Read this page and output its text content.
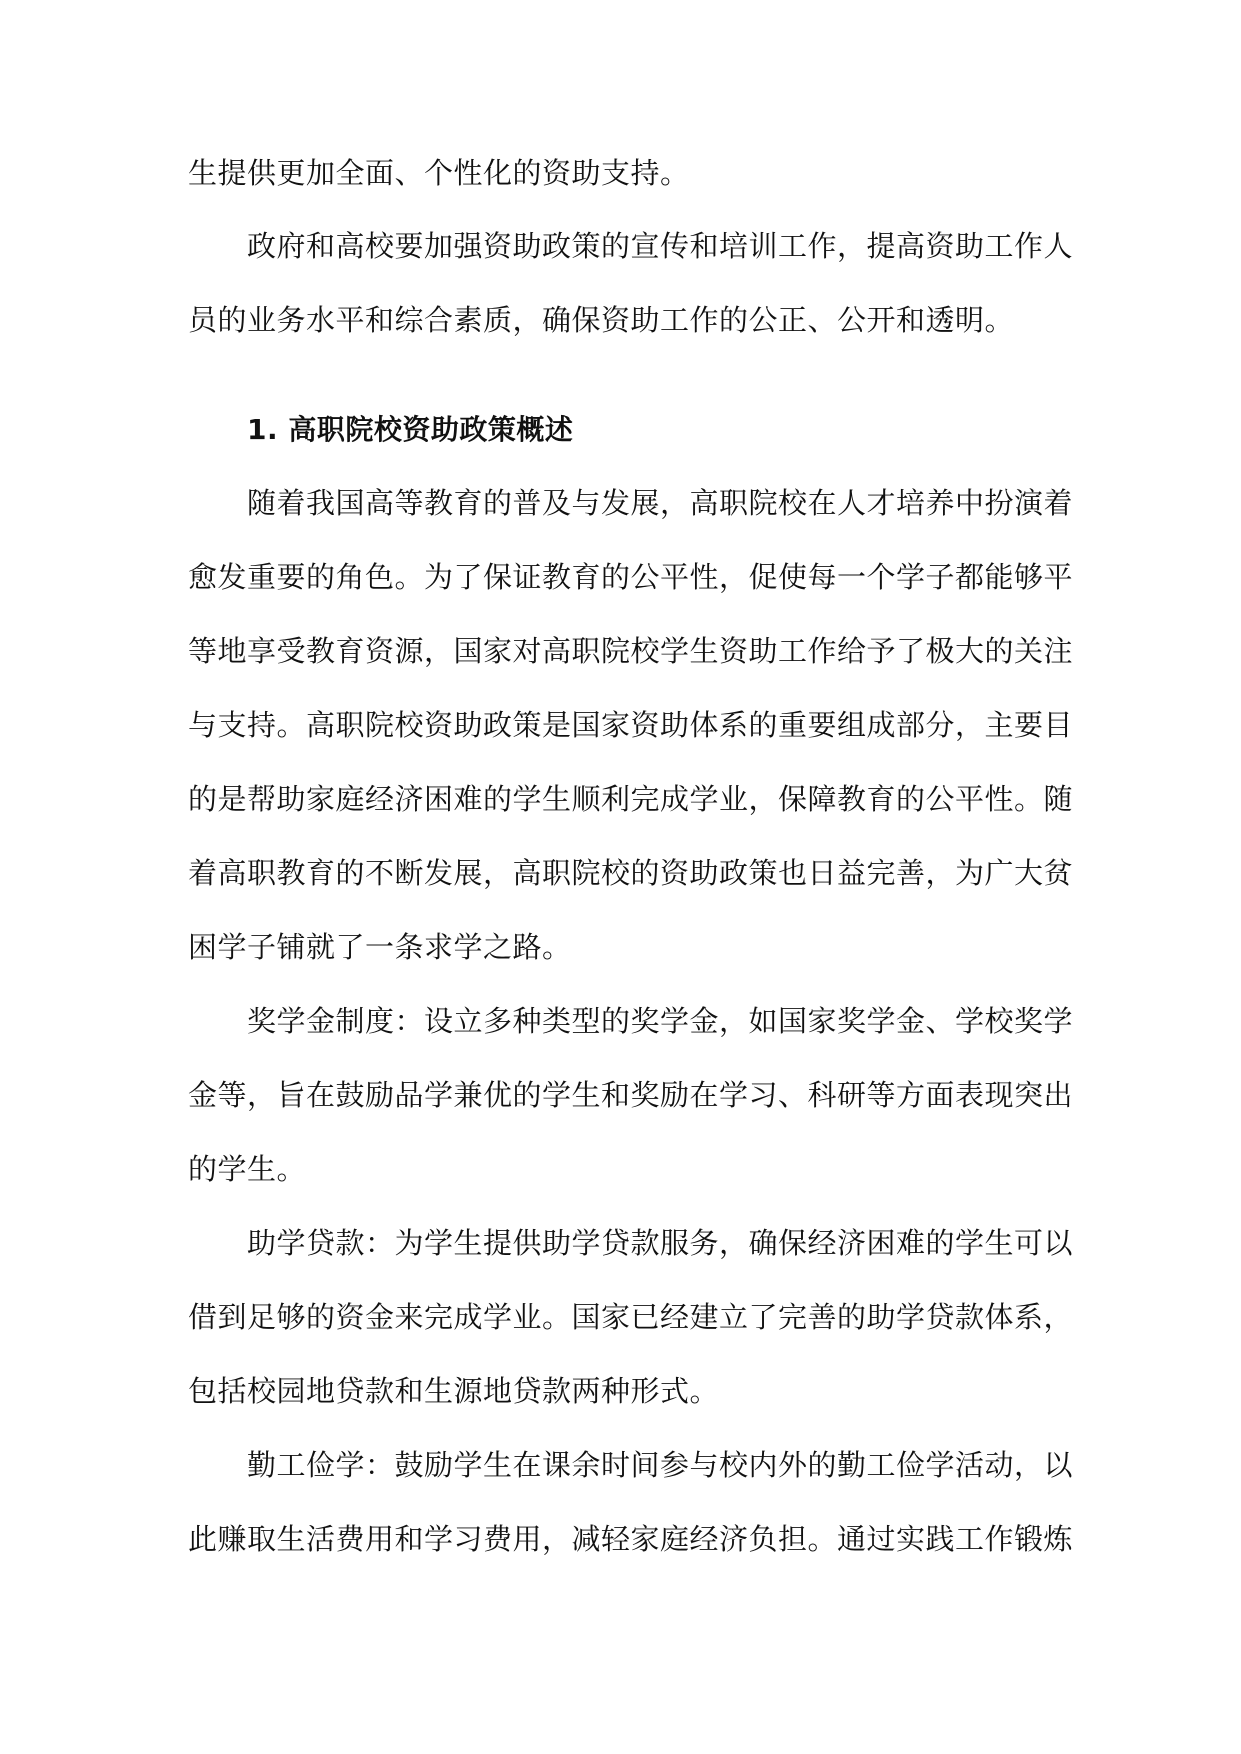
生提供更加全面、个性化的资助支持。
政府和高校要加强资助政策的宣传和培训工作，提高资助工作人
员的业务水平和综合素质，确保资助工作的公正、公开和透明。
1. 高职院校资助政策概述
随着我国高等教育的普及与发展，高职院校在人才培养中扮演着
愈发重要的角色。为了保证教育的公平性，促使每一个学子都能够平
等地享受教育资源，国家对高职院校学生资助工作给予了极大的关注
与支持。高职院校资助政策是国家资助体系的重要组成部分，主要目
的是帮助家庭经济困难的学生顺利完成学业，保障教育的公平性。随
着高职教育的不断发展，高职院校的资助政策也日益完善，为广大贫
困学子铺就了一条求学之路。
奖学金制度：设立多种类型的奖学金，如国家奖学金、学校奖学
金等，旨在鼓励品学兼优的学生和奖励在学习、科研等方面表现突出
的学生。
助学贷款：为学生提供助学贷款服务，确保经济困难的学生可以
借到足够的资金来完成学业。国家已经建立了完善的助学贷款体系，
包括校园地贷款和生源地贷款两种形式。
勤工俭学：鼓励学生在课余时间参与校内外的勤工俭学活动，以
此赚取生活费用和学习费用，减轻家庭经济负担。通过实践工作锻炼
